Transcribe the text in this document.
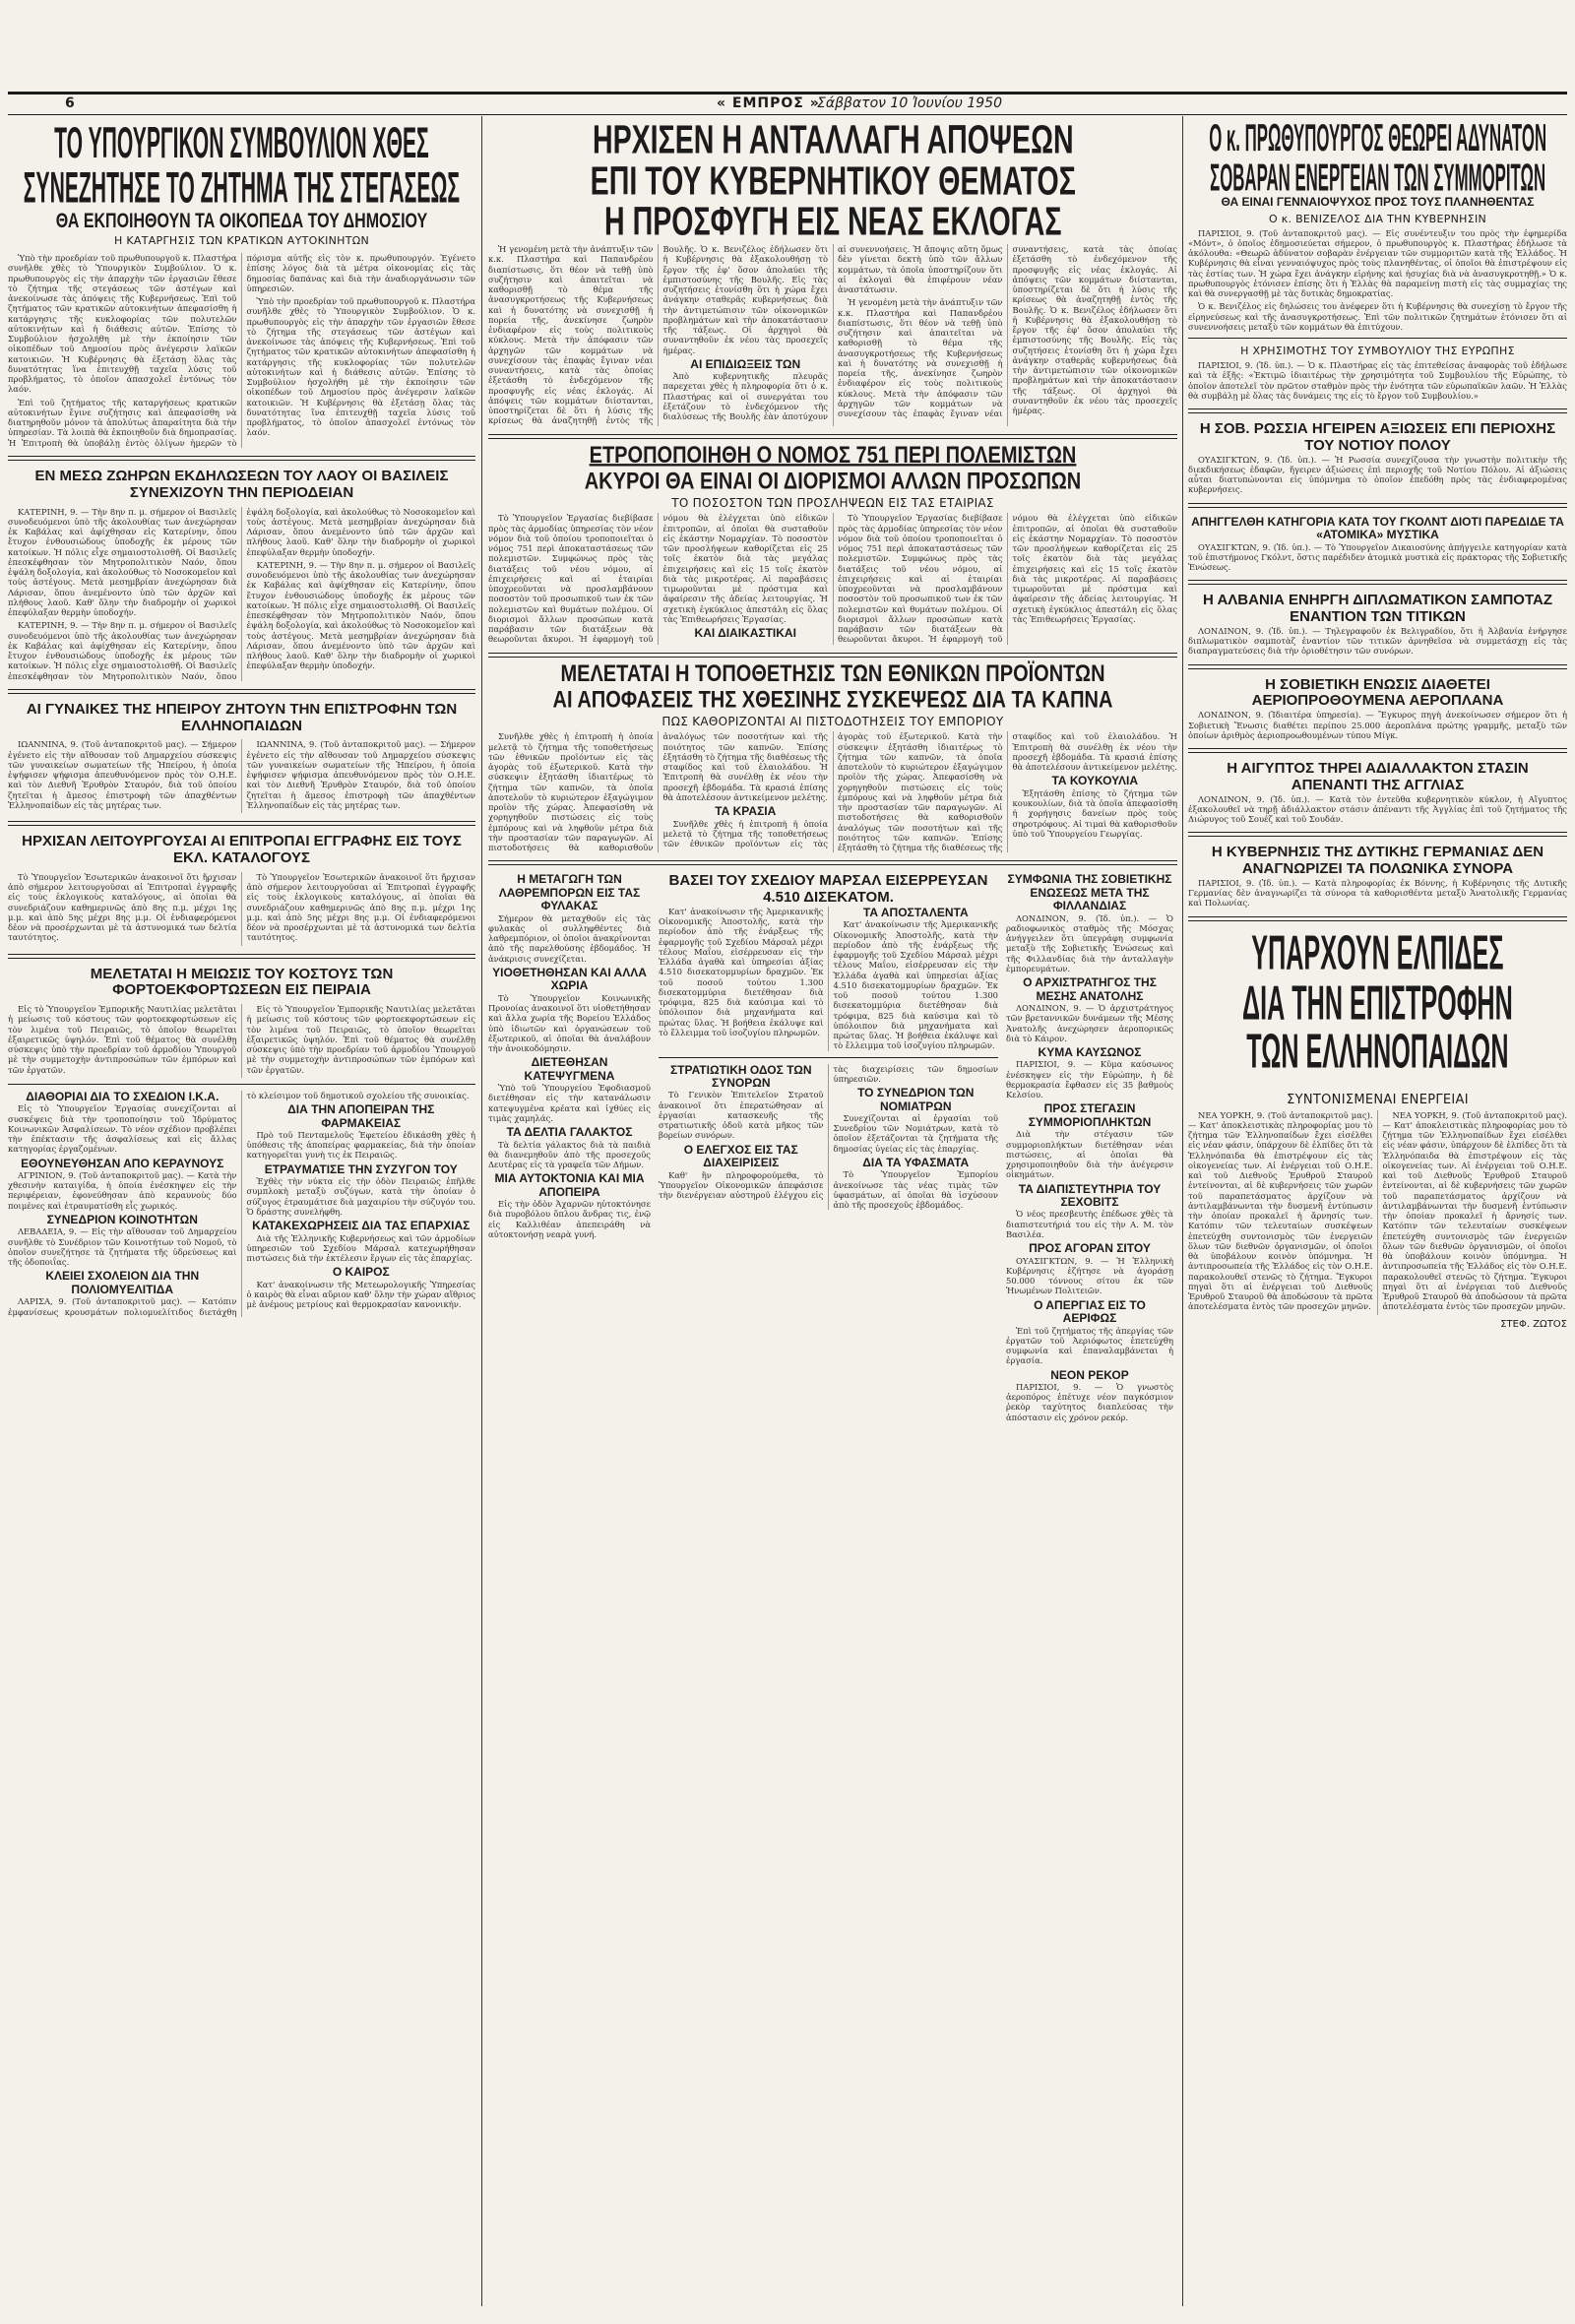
6	« ΕΜΠΡΟΣ »
Σάββατον 10 Ἰουνίου 1950
ΤΟ ΥΠΟΥΡΓΙΚΟΝ ΣΥΜΒΟΥΛΙΟΝ ΧΘΕΣ
ΣΥΝΕΖΗΤΗΣΕ ΤΟ ΖΗΤΗΜΑ ΤΗΣ ΣΤΕΓΑΣΕΩΣ
ΘΑ ΕΚΠΟΙΗΘΟΥΝ ΤΑ ΟΙΚΟΠΕΔΑ ΤΟΥ ΔΗΜΟΣΙΟΥ
Η ΚΑΤΑΡΓΗΣΙΣ ΤΩΝ ΚΡΑΤΙΚΩΝ ΑΥΤΟΚΙΝΗΤΩΝ

Ὑπὸ τὴν προεδρίαν τοῦ πρωθυπουργοῦ κ. Πλαστήρα συνῆλθε χθὲς τὸ Ὑπουργικὸν Συμβούλιον. Ὁ κ. πρωθυπουργὸς εἰς τὴν ἀπαρχὴν τῶν ἐργασιῶν ἔθεσε τὸ ζήτημα τῆς στεγάσεως τῶν ἀστέγων καὶ ἀνεκοίνωσε τὰς ἀπόψεις τῆς Κυβερνήσεως. Ἐπὶ τοῦ ζητήματος τῶν κρατικῶν αὐτοκινήτων ἀπεφασίσθη ἡ κατάργησις τῆς κυκλοφορίας τῶν πολυτελῶν αὐτοκινήτων καὶ ἡ διάθεσις αὐτῶν. Ἐπίσης τὸ Συμβούλιον ἠσχολήθη μὲ τὴν ἐκποίησιν τῶν οἰκοπέδων τοῦ Δημοσίου πρὸς ἀνέγερσιν λαϊκῶν κατοικιῶν. Ἡ Κυβέρνησις θὰ ἐξετάσῃ ὅλας τὰς δυνατότητας ἵνα ἐπιτευχθῇ ταχεῖα λύσις τοῦ προβλήματος, τὸ ὁποῖον ἀπασχολεῖ ἐντόνως τὸν λαόν.

Ἐπὶ τοῦ ζητήματος τῆς καταργήσεως κρατικῶν αὐτοκινήτων ἔγινε συζήτησις καὶ ἀπεφασίσθη νὰ διατηρηθοῦν μόνον τὰ ἀπολύτως ἀπαραίτητα διὰ τὴν ὑπηρεσίαν. Τὰ λοιπὰ θὰ ἐκποιηθοῦν διὰ δημοπρασίας. Ἡ Ἐπιτροπὴ θὰ ὑποβάλῃ ἐντὸς ὀλίγων ἡμερῶν τὸ πόρισμα αὐτῆς εἰς τὸν κ. πρωθυπουργόν. Ἐγένετο ἐπίσης λόγος διὰ τὰ μέτρα οἰκονομίας εἰς τὰς δημοσίας δαπάνας καὶ διὰ τὴν ἀναδιοργάνωσιν τῶν ὑπηρεσιῶν.

Ὑπὸ τὴν προεδρίαν τοῦ πρωθυπουργοῦ κ. Πλαστήρα συνῆλθε χθὲς τὸ Ὑπουργικὸν Συμβούλιον. Ὁ κ. πρωθυπουργὸς εἰς τὴν ἀπαρχὴν τῶν ἐργασιῶν ἔθεσε τὸ ζήτημα τῆς στεγάσεως τῶν ἀστέγων καὶ ἀνεκοίνωσε τὰς ἀπόψεις τῆς Κυβερνήσεως. Ἐπὶ τοῦ ζητήματος τῶν κρατικῶν αὐτοκινήτων ἀπεφασίσθη ἡ κατάργησις τῆς κυκλοφορίας τῶν πολυτελῶν αὐτοκινήτων καὶ ἡ διάθεσις αὐτῶν. Ἐπίσης τὸ Συμβούλιον ἠσχολήθη μὲ τὴν ἐκποίησιν τῶν οἰκοπέδων τοῦ Δημοσίου πρὸς ἀνέγερσιν λαϊκῶν κατοικιῶν. Ἡ Κυβέρνησις θὰ ἐξετάσῃ ὅλας τὰς δυνατότητας ἵνα ἐπιτευχθῇ ταχεῖα λύσις τοῦ προβλήματος, τὸ ὁποῖον ἀπασχολεῖ ἐντόνως τὸν λαόν.

ΕΝ ΜΕΣΩ ΖΩΗΡΩΝ ΕΚΔΗΛΩΣΕΩΝ ΤΟΥ ΛΑΟΥ ΟΙ ΒΑΣΙΛΕΙΣ ΣΥΝΕΧΙΖΟΥΝ ΤΗΝ ΠΕΡΙΟΔΕΙΑΝ

ΚΑΤΕΡΙΝΗ, 9. — Τὴν 8ην π. μ. σήμερον οἱ Βασιλεῖς συνοδευόμενοι ὑπὸ τῆς ἀκολουθίας των ἀνεχώρησαν ἐκ Καβάλας καὶ ἀφίχθησαν εἰς Κατερίνην, ὅπου ἔτυχον ἐνθουσιώδους ὑποδοχῆς ἐκ μέρους τῶν κατοίκων. Ἡ πόλις εἶχε σημαιοστολισθῆ. Οἱ Βασιλεῖς ἐπεσκέφθησαν τὸν Μητροπολιτικὸν Ναόν, ὅπου ἐψάλη δοξολογία, καὶ ἀκολούθως τὸ Νοσοκομεῖον καὶ τοὺς ἀστέγους. Μετὰ μεσημβρίαν ἀνεχώρησαν διὰ Λάρισαν, ὅπου ἀνεμένοντο ὑπὸ τῶν ἀρχῶν καὶ πλήθους λαοῦ. Καθ' ὅλην τὴν διαδρομὴν οἱ χωρικοὶ ἐπεφύλαξαν θερμὴν ὑποδοχήν.

ΚΑΤΕΡΙΝΗ, 9. — Τὴν 8ην π. μ. σήμερον οἱ Βασιλεῖς συνοδευόμενοι ὑπὸ τῆς ἀκολουθίας των ἀνεχώρησαν ἐκ Καβάλας καὶ ἀφίχθησαν εἰς Κατερίνην, ὅπου ἔτυχον ἐνθουσιώδους ὑποδοχῆς ἐκ μέρους τῶν κατοίκων. Ἡ πόλις εἶχε σημαιοστολισθῆ. Οἱ Βασιλεῖς ἐπεσκέφθησαν τὸν Μητροπολιτικὸν Ναόν, ὅπου ἐψάλη δοξολογία, καὶ ἀκολούθως τὸ Νοσοκομεῖον καὶ τοὺς ἀστέγους. Μετὰ μεσημβρίαν ἀνεχώρησαν διὰ Λάρισαν, ὅπου ἀνεμένοντο ὑπὸ τῶν ἀρχῶν καὶ πλήθους λαοῦ. Καθ' ὅλην τὴν διαδρομὴν οἱ χωρικοὶ ἐπεφύλαξαν θερμὴν ὑποδοχήν.

ΚΑΤΕΡΙΝΗ, 9. — Τὴν 8ην π. μ. σήμερον οἱ Βασιλεῖς συνοδευόμενοι ὑπὸ τῆς ἀκολουθίας των ἀνεχώρησαν ἐκ Καβάλας καὶ ἀφίχθησαν εἰς Κατερίνην, ὅπου ἔτυχον ἐνθουσιώδους ὑποδοχῆς ἐκ μέρους τῶν κατοίκων. Ἡ πόλις εἶχε σημαιοστολισθῆ. Οἱ Βασιλεῖς ἐπεσκέφθησαν τὸν Μητροπολιτικὸν Ναόν, ὅπου ἐψάλη δοξολογία, καὶ ἀκολούθως τὸ Νοσοκομεῖον καὶ τοὺς ἀστέγους. Μετὰ μεσημβρίαν ἀνεχώρησαν διὰ Λάρισαν, ὅπου ἀνεμένοντο ὑπὸ τῶν ἀρχῶν καὶ πλήθους λαοῦ. Καθ' ὅλην τὴν διαδρομὴν οἱ χωρικοὶ ἐπεφύλαξαν θερμὴν ὑποδοχήν.

ΑΙ ΓΥΝΑΙΚΕΣ ΤΗΣ ΗΠΕΙΡΟΥ ΖΗΤΟΥΝ ΤΗΝ ΕΠΙΣΤΡΟΦΗΝ ΤΩΝ ΕΛΛΗΝΟΠΑΙΔΩΝ

ΙΩΑΝΝΙΝΑ, 9. (Τοῦ ἀνταποκριτοῦ μας). — Σήμερον ἐγένετο εἰς τὴν αἴθουσαν τοῦ Δημαρχείου σύσκεψις τῶν γυναικείων σωματείων τῆς Ἠπείρου, ἡ ὁποία ἐψήφισεν ψήφισμα ἀπευθυνόμενον πρὸς τὸν Ο.Η.Ε. καὶ τὸν Διεθνῆ Ἐρυθρὸν Σταυρόν, διὰ τοῦ ὁποίου ζητεῖται ἡ ἄμεσος ἐπιστροφὴ τῶν ἀπαχθέντων Ἑλληνοπαίδων εἰς τὰς μητέρας των.

ΙΩΑΝΝΙΝΑ, 9. (Τοῦ ἀνταποκριτοῦ μας). — Σήμερον ἐγένετο εἰς τὴν αἴθουσαν τοῦ Δημαρχείου σύσκεψις τῶν γυναικείων σωματείων τῆς Ἠπείρου, ἡ ὁποία ἐψήφισεν ψήφισμα ἀπευθυνόμενον πρὸς τὸν Ο.Η.Ε. καὶ τὸν Διεθνῆ Ἐρυθρὸν Σταυρόν, διὰ τοῦ ὁποίου ζητεῖται ἡ ἄμεσος ἐπιστροφὴ τῶν ἀπαχθέντων Ἑλληνοπαίδων εἰς τὰς μητέρας των.

ΗΡΧΙΣΑΝ ΛΕΙΤΟΥΡΓΟΥΣΑΙ ΑΙ ΕΠΙΤΡΟΠΑΙ ΕΓΓΡΑΦΗΣ ΕΙΣ ΤΟΥΣ ΕΚΛ. ΚΑΤΑΛΟΓΟΥΣ

Τὸ Ὑπουργεῖον Ἐσωτερικῶν ἀνακοινοῖ ὅτι ἤρχισαν ἀπὸ σήμερον λειτουργοῦσαι αἱ Ἐπιτροπαὶ ἐγγραφῆς εἰς τοὺς ἐκλογικοὺς καταλόγους, αἱ ὁποῖαι θὰ συνεδριάζουν καθημερινῶς ἀπὸ 8ης π.μ. μέχρι 1ης μ.μ. καὶ ἀπὸ 5ης μέχρι 8ης μ.μ. Οἱ ἐνδιαφερόμενοι δέον νὰ προσέρχωνται μὲ τὰ ἀστυνομικά των δελτία ταυτότητος.

Τὸ Ὑπουργεῖον Ἐσωτερικῶν ἀνακοινοῖ ὅτι ἤρχισαν ἀπὸ σήμερον λειτουργοῦσαι αἱ Ἐπιτροπαὶ ἐγγραφῆς εἰς τοὺς ἐκλογικοὺς καταλόγους, αἱ ὁποῖαι θὰ συνεδριάζουν καθημερινῶς ἀπὸ 8ης π.μ. μέχρι 1ης μ.μ. καὶ ἀπὸ 5ης μέχρι 8ης μ.μ. Οἱ ἐνδιαφερόμενοι δέον νὰ προσέρχωνται μὲ τὰ ἀστυνομικά των δελτία ταυτότητος.

ΜΕΛΕΤΑΤΑΙ Η ΜΕΙΩΣΙΣ ΤΟΥ ΚΟΣΤΟΥΣ ΤΩΝ ΦΟΡΤΟΕΚΦΟΡΤΩΣΕΩΝ ΕΙΣ ΠΕΙΡΑΙΑ

Εἰς τὸ Ὑπουργεῖον Ἐμπορικῆς Ναυτιλίας μελετᾶται ἡ μείωσις τοῦ κόστους τῶν φορτοεκφορτώσεων εἰς τὸν λιμένα τοῦ Πειραιῶς, τὸ ὁποῖον θεωρεῖται ἐξαιρετικῶς ὑψηλόν. Ἐπὶ τοῦ θέματος θὰ συνέλθῃ σύσκεψις ὑπὸ τὴν προεδρίαν τοῦ ἁρμοδίου Ὑπουργοῦ μὲ τὴν συμμετοχὴν ἀντιπροσώπων τῶν ἐμπόρων καὶ τῶν ἐργατῶν.

Εἰς τὸ Ὑπουργεῖον Ἐμπορικῆς Ναυτιλίας μελετᾶται ἡ μείωσις τοῦ κόστους τῶν φορτοεκφορτώσεων εἰς τὸν λιμένα τοῦ Πειραιῶς, τὸ ὁποῖον θεωρεῖται ἐξαιρετικῶς ὑψηλόν. Ἐπὶ τοῦ θέματος θὰ συνέλθῃ σύσκεψις ὑπὸ τὴν προεδρίαν τοῦ ἁρμοδίου Ὑπουργοῦ μὲ τὴν συμμετοχὴν ἀντιπροσώπων τῶν ἐμπόρων καὶ τῶν ἐργατῶν.

ΔΙΑΘΟΡΙΑΙ ΔΙΑ ΤΟ ΣΧΕΔΙΟΝ Ι.Κ.Α.

Εἰς τὸ Ὑπουργεῖον Ἐργασίας συνεχίζονται αἱ συσκέψεις διὰ τὴν τροποποίησιν τοῦ Ἱδρύματος Κοινωνικῶν Ἀσφαλίσεων. Τὸ νέον σχέδιον προβλέπει τὴν ἐπέκτασιν τῆς ἀσφαλίσεως καὶ εἰς ἄλλας κατηγορίας ἐργαζομένων.

ΕΘΟΥΝΕΥΘΗΣΑΝ ΑΠΟ ΚΕΡΑΥΝΟΥΣ

ΑΓΡΙΝΙΟΝ, 9. (Τοῦ ἀνταποκριτοῦ μας). — Κατὰ τὴν χθεσινὴν καταιγίδα, ἡ ὁποία ἐνέσκηψεν εἰς τὴν περιφέρειαν, ἐφονεύθησαν ἀπὸ κεραυνοὺς δύο ποιμένες καὶ ἐτραυματίσθη εἷς χωρικός.

ΣΥΝΕΔΡΙΟΝ ΚΟΙΝΟΤΗΤΩΝ

ΛΕΒΑΔΕΙΑ, 9. — Εἰς τὴν αἴθουσαν τοῦ Δημαρχείου συνῆλθε τὸ Συνέδριον τῶν Κοινοτήτων τοῦ Νομοῦ, τὸ ὁποῖον συνεζήτησε τὰ ζητήματα τῆς ὑδρεύσεως καὶ τῆς ὁδοποιΐας.

ΚΛΕΙΕΙ ΣΧΟΛΕΙΟΝ ΔΙΑ ΤΗΝ ΠΟΛΙΟΜΥΕΛΙΤΙΔΑ

ΛΑΡΙΣΑ, 9. (Τοῦ ἀνταποκριτοῦ μας). — Κατόπιν ἐμφανίσεως κρουσμάτων πολιομυελίτιδος διετάχθη τὸ κλείσιμον τοῦ δημοτικοῦ σχολείου τῆς συνοικίας.

ΔΙΑ ΤΗΝ ΑΠΟΠΕΙΡΑΝ ΤΗΣ ΦΑΡΜΑΚΕΙΑΣ

Πρὸ τοῦ Πενταμελοῦς Ἐφετείου ἐδικάσθη χθὲς ἡ ὑπόθεσις τῆς ἀποπείρας φαρμακείας, διὰ τὴν ὁποίαν κατηγορεῖται γυνὴ τις ἐκ Πειραιῶς.

ΕΤΡΑΥΜΑΤΙΣΕ ΤΗΝ ΣΥΖΥΓΟΝ ΤΟΥ

Ἐχθὲς τὴν νύκτα εἰς τὴν ὁδὸν Πειραιῶς ἐπῆλθε συμπλοκὴ μεταξὺ συζύγων, κατὰ τὴν ὁποίαν ὁ σύζυγος ἐτραυμάτισε διὰ μαχαιρίου τὴν σύζυγόν του. Ὁ δράστης συνελήφθη.

ΚΑΤΑΚΕΧΩΡΗΣΕΙΣ ΔΙΑ ΤΑΣ ΕΠΑΡΧΙΑΣ

Διὰ τῆς Ἑλληνικῆς Κυβερνήσεως καὶ τῶν ἁρμοδίων ὑπηρεσιῶν τοῦ Σχεδίου Μάρσαλ κατεχωρήθησαν πιστώσεις διὰ τὴν ἐκτέλεσιν ἔργων εἰς τὰς ἐπαρχίας.

Ο ΚΑΙΡΟΣ

Κατ' ἀνακοίνωσιν τῆς Μετεωρολογικῆς Ὑπηρεσίας ὁ καιρὸς θὰ εἶναι αὔριον καθ' ὅλην τὴν χώραν αἴθριος μὲ ἀνέμους μετρίους καὶ θερμοκρασίαν κανονικήν.

ΗΡΧΙΣΕΝ Η ΑΝΤΑΛΛΑΓΗ ΑΠΟΨΕΩΝ
ΕΠΙ ΤΟΥ ΚΥΒΕΡΝΗΤΙΚΟΥ ΘΕΜΑΤΟΣ
Η ΠΡΟΣΦΥΓΗ ΕΙΣ ΝΕΑΣ ΕΚΛΟΓΑΣ

Ἡ γενομένη μετὰ τὴν ἀνάπτυξιν τῶν κ.κ. Πλαστήρα καὶ Παπανδρέου διαπίστωσις, ὅτι θέον νὰ τεθῇ ὑπὸ συζήτησιν καὶ ἀπαιτεῖται νὰ καθορισθῇ τὸ θέμα τῆς ἀνασυγκροτήσεως τῆς Κυβερνήσεως καὶ ἡ δυνατότης νὰ συνεχισθῇ ἡ πορεία τῆς, ἀνεκίνησε ζωηρὸν ἐνδιαφέρον εἰς τοὺς πολιτικοὺς κύκλους. Μετὰ τὴν ἀπόφασιν τῶν ἀρχηγῶν τῶν κομμάτων νὰ συνεχίσουν τὰς ἐπαφὰς ἔγιναν νέαι συναντήσεις, κατὰ τὰς ὁποίας ἐξετάσθη τὸ ἐνδεχόμενον τῆς προσφυγῆς εἰς νέας ἐκλογάς. Αἱ ἀπόψεις τῶν κομμάτων διίστανται, ὑποστηρίζεται δὲ ὅτι ἡ λύσις τῆς κρίσεως θὰ ἀναζητηθῇ ἐντὸς τῆς Βουλῆς. Ὁ κ. Βενιζέλος ἐδήλωσεν ὅτι ἡ Κυβέρνησις θὰ ἐξακολουθήσῃ τὸ ἔργον τῆς ἐφ' ὅσον ἀπολαύει τῆς ἐμπιστοσύνης τῆς Βουλῆς. Εἰς τὰς συζητήσεις ἐτονίσθη ὅτι ἡ χώρα ἔχει ἀνάγκην σταθερᾶς κυβερνήσεως διὰ τὴν ἀντιμετώπισιν τῶν οἰκονομικῶν προβλημάτων καὶ τὴν ἀποκατάστασιν τῆς τάξεως. Οἱ ἀρχηγοὶ θὰ συναντηθοῦν ἐκ νέου τὰς προσεχεῖς ἡμέρας.

ΑΙ ΕΠΙΔΙΩΞΕΙΣ ΤΩΝ

Ἀπὸ κυβερνητικῆς πλευρᾶς παρεχεται χθὲς ἡ πληροφορία ὅτι ὁ κ. Πλαστήρας καὶ οἱ συνεργάται του ἐξετάζουν τὸ ἐνδεχόμενον τῆς διαλύσεως τῆς Βουλῆς ἐὰν ἀποτύχουν αἱ συνεννοήσεις. Ἡ ἄποψις αὕτη ὅμως δὲν γίνεται δεκτὴ ὑπὸ τῶν ἄλλων κομμάτων, τὰ ὁποῖα ὑποστηρίζουν ὅτι αἱ ἐκλογαὶ θὰ ἐπιφέρουν νέαν ἀναστάτωσιν.

Ἡ γενομένη μετὰ τὴν ἀνάπτυξιν τῶν κ.κ. Πλαστήρα καὶ Παπανδρέου διαπίστωσις, ὅτι θέον νὰ τεθῇ ὑπὸ συζήτησιν καὶ ἀπαιτεῖται νὰ καθορισθῇ τὸ θέμα τῆς ἀνασυγκροτήσεως τῆς Κυβερνήσεως καὶ ἡ δυνατότης νὰ συνεχισθῇ ἡ πορεία τῆς, ἀνεκίνησε ζωηρὸν ἐνδιαφέρον εἰς τοὺς πολιτικοὺς κύκλους. Μετὰ τὴν ἀπόφασιν τῶν ἀρχηγῶν τῶν κομμάτων νὰ συνεχίσουν τὰς ἐπαφὰς ἔγιναν νέαι συναντήσεις, κατὰ τὰς ὁποίας ἐξετάσθη τὸ ἐνδεχόμενον τῆς προσφυγῆς εἰς νέας ἐκλογάς. Αἱ ἀπόψεις τῶν κομμάτων διίστανται, ὑποστηρίζεται δὲ ὅτι ἡ λύσις τῆς κρίσεως θὰ ἀναζητηθῇ ἐντὸς τῆς Βουλῆς. Ὁ κ. Βενιζέλος ἐδήλωσεν ὅτι ἡ Κυβέρνησις θὰ ἐξακολουθήσῃ τὸ ἔργον τῆς ἐφ' ὅσον ἀπολαύει τῆς ἐμπιστοσύνης τῆς Βουλῆς. Εἰς τὰς συζητήσεις ἐτονίσθη ὅτι ἡ χώρα ἔχει ἀνάγκην σταθερᾶς κυβερνήσεως διὰ τὴν ἀντιμετώπισιν τῶν οἰκονομικῶν προβλημάτων καὶ τὴν ἀποκατάστασιν τῆς τάξεως. Οἱ ἀρχηγοὶ θὰ συναντηθοῦν ἐκ νέου τὰς προσεχεῖς ἡμέρας.

ΕΤΡΟΠΟΠΟΙΗΘΗ Ο ΝΟΜΟΣ 751 ΠΕΡΙ ΠΟΛΕΜΙΣΤΩΝ
ΑΚΥΡΟΙ ΘΑ ΕΙΝΑΙ ΟΙ ΔΙΟΡΙΣΜΟΙ ΑΛΛΩΝ ΠΡΟΣΩΠΩΝ
ΤΟ ΠΟΣΟΣΤΟΝ ΤΩΝ ΠΡΟΣΛΗΨΕΩΝ ΕΙΣ ΤΑΣ ΕΤΑΙΡΙΑΣ

Τὸ Ὑπουργεῖον Ἐργασίας διεβίβασε πρὸς τὰς ἁρμοδίας ὑπηρεσίας τὸν νέον νόμον διὰ τοῦ ὁποίου τροποποιεῖται ὁ νόμος 751 περὶ ἀποκαταστάσεως τῶν πολεμιστῶν. Συμφώνως πρὸς τὰς διατάξεις τοῦ νέου νόμου, αἱ ἐπιχειρήσεις καὶ αἱ ἑταιρίαι ὑποχρεοῦνται νὰ προσλαμβάνουν ποσοστὸν τοῦ προσωπικοῦ των ἐκ τῶν πολεμιστῶν καὶ θυμάτων πολέμου. Οἱ διορισμοὶ ἄλλων προσώπων κατὰ παράβασιν τῶν διατάξεων θὰ θεωροῦνται ἄκυροι. Ἡ ἐφαρμογὴ τοῦ νόμου θὰ ἐλέγχεται ὑπὸ εἰδικῶν ἐπιτροπῶν, αἱ ὁποῖαι θὰ συσταθοῦν εἰς ἑκάστην Νομαρχίαν. Τὸ ποσοστὸν τῶν προσλήψεων καθορίζεται εἰς 25 τοῖς ἑκατὸν διὰ τὰς μεγάλας ἐπιχειρήσεις καὶ εἰς 15 τοῖς ἑκατὸν διὰ τὰς μικροτέρας. Αἱ παραβάσεις τιμωροῦνται μὲ πρόστιμα καὶ ἀφαίρεσιν τῆς ἀδείας λειτουργίας. Ἡ σχετικὴ ἐγκύκλιος ἀπεστάλη εἰς ὅλας τὰς Ἐπιθεωρήσεις Ἐργασίας.

ΚΑΙ ΔΙΑΙΚΑΣΤΙΚΑΙ

Τὸ Ὑπουργεῖον Ἐργασίας διεβίβασε πρὸς τὰς ἁρμοδίας ὑπηρεσίας τὸν νέον νόμον διὰ τοῦ ὁποίου τροποποιεῖται ὁ νόμος 751 περὶ ἀποκαταστάσεως τῶν πολεμιστῶν. Συμφώνως πρὸς τὰς διατάξεις τοῦ νέου νόμου, αἱ ἐπιχειρήσεις καὶ αἱ ἑταιρίαι ὑποχρεοῦνται νὰ προσλαμβάνουν ποσοστὸν τοῦ προσωπικοῦ των ἐκ τῶν πολεμιστῶν καὶ θυμάτων πολέμου. Οἱ διορισμοὶ ἄλλων προσώπων κατὰ παράβασιν τῶν διατάξεων θὰ θεωροῦνται ἄκυροι. Ἡ ἐφαρμογὴ τοῦ νόμου θὰ ἐλέγχεται ὑπὸ εἰδικῶν ἐπιτροπῶν, αἱ ὁποῖαι θὰ συσταθοῦν εἰς ἑκάστην Νομαρχίαν. Τὸ ποσοστὸν τῶν προσλήψεων καθορίζεται εἰς 25 τοῖς ἑκατὸν διὰ τὰς μεγάλας ἐπιχειρήσεις καὶ εἰς 15 τοῖς ἑκατὸν διὰ τὰς μικροτέρας. Αἱ παραβάσεις τιμωροῦνται μὲ πρόστιμα καὶ ἀφαίρεσιν τῆς ἀδείας λειτουργίας. Ἡ σχετικὴ ἐγκύκλιος ἀπεστάλη εἰς ὅλας τὰς Ἐπιθεωρήσεις Ἐργασίας.

ΜΕΛΕΤΑΤΑΙ Η ΤΟΠΟΘΕΤΗΣΙΣ ΤΩΝ ΕΘΝΙΚΩΝ ΠΡΟΪΟΝΤΩΝ
ΑΙ ΑΠΟΦΑΣΕΙΣ ΤΗΣ ΧΘΕΣΙΝΗΣ ΣΥΣΚΕΨΕΩΣ ΔΙΑ ΤΑ ΚΑΠΝΑ
ΠΩΣ ΚΑΘΟΡΙΖΟΝΤΑΙ ΑΙ ΠΙΣΤΟΔΟΤΗΣΕΙΣ ΤΟΥ ΕΜΠΟΡΙΟΥ

Συνῆλθε χθὲς ἡ ἐπιτροπὴ ἡ ὁποία μελετᾷ τὸ ζήτημα τῆς τοποθετήσεως τῶν ἐθνικῶν προϊόντων εἰς τὰς ἀγορὰς τοῦ ἐξωτερικοῦ. Κατὰ τὴν σύσκεψιν ἐξητάσθη ἰδιαιτέρως τὸ ζήτημα τῶν καπνῶν, τὰ ὁποῖα ἀποτελοῦν τὸ κυριώτερον ἐξαγώγιμον προϊὸν τῆς χώρας. Ἀπεφασίσθη νὰ χορηγηθοῦν πιστώσεις εἰς τοὺς ἐμπόρους καὶ νὰ ληφθοῦν μέτρα διὰ τὴν προστασίαν τῶν παραγωγῶν. Αἱ πιστοδοτήσεις θὰ καθορισθοῦν ἀναλόγως τῶν ποσοτήτων καὶ τῆς ποιότητος τῶν καπνῶν. Ἐπίσης ἐξητάσθη τὸ ζήτημα τῆς διαθέσεως τῆς σταφίδος καὶ τοῦ ἐλαιολάδου. Ἡ Ἐπιτροπὴ θὰ συνέλθῃ ἐκ νέου τὴν προσεχῆ ἑβδομάδα. Τὰ κρασιά ἐπίσης θὰ ἀποτελέσουν ἀντικείμενον μελέτης.

ΤΑ ΚΡΑΣΙΑ

Συνῆλθε χθὲς ἡ ἐπιτροπὴ ἡ ὁποία μελετᾷ τὸ ζήτημα τῆς τοποθετήσεως τῶν ἐθνικῶν προϊόντων εἰς τὰς ἀγορὰς τοῦ ἐξωτερικοῦ. Κατὰ τὴν σύσκεψιν ἐξητάσθη ἰδιαιτέρως τὸ ζήτημα τῶν καπνῶν, τὰ ὁποῖα ἀποτελοῦν τὸ κυριώτερον ἐξαγώγιμον προϊὸν τῆς χώρας. Ἀπεφασίσθη νὰ χορηγηθοῦν πιστώσεις εἰς τοὺς ἐμπόρους καὶ νὰ ληφθοῦν μέτρα διὰ τὴν προστασίαν τῶν παραγωγῶν. Αἱ πιστοδοτήσεις θὰ καθορισθοῦν ἀναλόγως τῶν ποσοτήτων καὶ τῆς ποιότητος τῶν καπνῶν. Ἐπίσης ἐξητάσθη τὸ ζήτημα τῆς διαθέσεως τῆς σταφίδος καὶ τοῦ ἐλαιολάδου. Ἡ Ἐπιτροπὴ θὰ συνέλθῃ ἐκ νέου τὴν προσεχῆ ἑβδομάδα. Τὰ κρασιά ἐπίσης θὰ ἀποτελέσουν ἀντικείμενον μελέτης.

ΤΑ ΚΟΥΚΟΥΛΙΑ

Ἐξητάσθη ἐπίσης τὸ ζήτημα τῶν κουκουλίων, διὰ τὰ ὁποῖα ἀπεφασίσθη ἡ χορήγησις δανείων πρὸς τοὺς σηροτρόφους. Αἱ τιμαὶ θὰ καθορισθοῦν ὑπὸ τοῦ Ὑπουργείου Γεωργίας.

Η ΜΕΤΑΓΩΓΗ ΤΩΝ ΛΑΘΡΕΜΠΟΡΩΝ ΕΙΣ ΤΑΣ ΦΥΛΑΚΑΣ

Σήμερον θὰ μεταχθοῦν εἰς τὰς φυλακὰς οἱ συλληφθέντες διὰ λαθρεμπόριον, οἱ ὁποῖοι ἀνακρίνονται ἀπὸ τῆς παρελθούσης ἑβδομάδος. Ἡ ἀνάκρισις συνεχίζεται.

ΥΙΟΘΕΤΗΘΗΣΑΝ ΚΑΙ ΑΛΛΑ ΧΩΡΙΑ

Τὸ Ὑπουργεῖον Κοινωνικῆς Προνοίας ἀνακοινοῖ ὅτι υἱοθετήθησαν καὶ ἄλλα χωρία τῆς Βορείου Ἑλλάδος ὑπὸ ἰδιωτῶν καὶ ὀργανώσεων τοῦ ἐξωτερικοῦ, αἱ ὁποῖαι θὰ ἀναλάβουν τὴν ἀνοικοδόμησιν.

ΔΙΕΤΕΘΗΣΑΝ ΚΑΤΕΨΥΓΜΕΝΑ

Ὑπὸ τοῦ Ὑπουργείου Ἐφοδιασμοῦ διετέθησαν εἰς τὴν κατανάλωσιν κατεψυγμένα κρέατα καὶ ἰχθύες εἰς τιμὰς χαμηλάς.

ΤΑ ΔΕΛΤΙΑ ΓΑΛΑΚΤΟΣ

Τὰ δελτία γάλακτος διὰ τὰ παιδιὰ θὰ διανεμηθοῦν ἀπὸ τῆς προσεχοῦς Δευτέρας εἰς τὰ γραφεῖα τῶν Δήμων.

ΜΙΑ ΑΥΤΟΚΤΟΝΙΑ ΚΑΙ ΜΙΑ ΑΠΟΠΕΙΡΑ

Εἰς τὴν ὁδὸν Ἀχαρνῶν ηὐτοκτόνησε διὰ πυροβόλου ὅπλου ἄνδρας τις, ἐνῷ εἰς Καλλιθέαν ἀπεπειράθη νὰ αὐτοκτονήσῃ νεαρὰ γυνή.

ΒΑΣΕΙ ΤΟΥ ΣΧΕΔΙΟΥ ΜΑΡΣΑΛ ΕΙΣΕΡΡΕΥΣΑΝ 4.510 ΔΙΣΕΚΑΤΟΜ.

Κατ' ἀνακοίνωσιν τῆς Ἀμερικανικῆς Οἰκονομικῆς Ἀποστολῆς, κατὰ τὴν περίοδον ἀπὸ τῆς ἐνάρξεως τῆς ἐφαρμογῆς τοῦ Σχεδίου Μάρσαλ μέχρι τέλους Μαΐου, εἰσέρρευσαν εἰς τὴν Ἑλλάδα ἀγαθὰ καὶ ὑπηρεσίαι ἀξίας 4.510 δισεκατομμυρίων δραχμῶν. Ἐκ τοῦ ποσοῦ τούτου 1.300 δισεκατομμύρια διετέθησαν διὰ τρόφιμα, 825 διὰ καύσιμα καὶ τὸ ὑπόλοιπον διὰ μηχανήματα καὶ πρώτας ὕλας. Ἡ βοήθεια ἐκάλυψε καὶ τὸ ἔλλειμμα τοῦ ἰσοζυγίου πληρωμῶν.

ΤΑ ΑΠΟΣΤΑΛΕΝΤΑ

Κατ' ἀνακοίνωσιν τῆς Ἀμερικανικῆς Οἰκονομικῆς Ἀποστολῆς, κατὰ τὴν περίοδον ἀπὸ τῆς ἐνάρξεως τῆς ἐφαρμογῆς τοῦ Σχεδίου Μάρσαλ μέχρι τέλους Μαΐου, εἰσέρρευσαν εἰς τὴν Ἑλλάδα ἀγαθὰ καὶ ὑπηρεσίαι ἀξίας 4.510 δισεκατομμυρίων δραχμῶν. Ἐκ τοῦ ποσοῦ τούτου 1.300 δισεκατομμύρια διετέθησαν διὰ τρόφιμα, 825 διὰ καύσιμα καὶ τὸ ὑπόλοιπον διὰ μηχανήματα καὶ πρώτας ὕλας. Ἡ βοήθεια ἐκάλυψε καὶ τὸ ἔλλειμμα τοῦ ἰσοζυγίου πληρωμῶν.

ΣΤΡΑΤΙΩΤΙΚΗ ΟΔΟΣ ΤΩΝ ΣΥΝΟΡΩΝ

Τὸ Γενικὸν Ἐπιτελεῖον Στρατοῦ ἀνακοινοῖ ὅτι ἐπερατώθησαν αἱ ἐργασίαι κατασκευῆς τῆς στρατιωτικῆς ὁδοῦ κατὰ μῆκος τῶν βορείων συνόρων.

Ο ΕΛΕΓΧΟΣ ΕΙΣ ΤΑΣ ΔΙΑΧΕΙΡΙΣΕΙΣ

Καθ' ἣν πληροφορούμεθα, τὸ Ὑπουργεῖον Οἰκονομικῶν ἀπεφάσισε τὴν διενέργειαν αὐστηροῦ ἐλέγχου εἰς τὰς διαχειρίσεις τῶν δημοσίων ὑπηρεσιῶν.

ΤΟ ΣΥΝΕΔΡΙΟΝ ΤΩΝ ΝΟΜΙΑΤΡΩΝ

Συνεχίζονται αἱ ἐργασίαι τοῦ Συνεδρίου τῶν Νομιάτρων, κατὰ τὸ ὁποῖον ἐξετάζονται τὰ ζητήματα τῆς δημοσίας ὑγείας εἰς τὰς ἐπαρχίας.

ΔΙΑ ΤΑ ΥΦΑΣΜΑΤΑ

Τὸ Ὑπουργεῖον Ἐμπορίου ἀνεκοίνωσε τὰς νέας τιμὰς τῶν ὑφασμάτων, αἱ ὁποῖαι θὰ ἰσχύσουν ἀπὸ τῆς προσεχοῦς ἑβδομάδος.

ΣΥΜΦΩΝΙΑ ΤΗΣ ΣΟΒΙΕΤΙΚΗΣ ΕΝΩΣΕΩΣ ΜΕΤΑ ΤΗΣ ΦΙΛΛΑΝΔΙΑΣ

ΛΟΝΔΙΝΟΝ, 9. (Ἰδ. ὑπ.). — Ὁ ραδιοφωνικὸς σταθμὸς τῆς Μόσχας ἀνήγγειλεν ὅτι ὑπεγράφη συμφωνία μεταξὺ τῆς Σοβιετικῆς Ἑνώσεως καὶ τῆς Φιλλανδίας διὰ τὴν ἀνταλλαγὴν ἐμπορευμάτων.

Ο ΑΡΧΙΣΤΡΑΤΗΓΟΣ ΤΗΣ ΜΕΣΗΣ ΑΝΑΤΟΛΗΣ

ΛΟΝΔΙΝΟΝ, 9. — Ὁ ἀρχιστράτηγος τῶν βρεταννικῶν δυνάμεων τῆς Μέσης Ἀνατολῆς ἀνεχώρησεν ἀεροπορικῶς διὰ τὸ Κάιρον.

ΚΥΜΑ ΚΑΥΣΩΝΟΣ

ΠΑΡΙΣΙΟΙ, 9. — Κῦμα καύσωνος ἐνέσκηψεν εἰς τὴν Εὐρώπην, ἡ δὲ θερμοκρασία ἔφθασεν εἰς 35 βαθμοὺς Κελσίου.

ΠΡΟΣ ΣΤΕΓΑΣΙΝ ΣΥΜΜΟΡΙΟΠΛΗΚΤΩΝ

Διὰ τὴν στέγασιν τῶν συμμοριοπλήκτων διετέθησαν νέαι πιστώσεις, αἱ ὁποῖαι θὰ χρησιμοποιηθοῦν διὰ τὴν ἀνέγερσιν οἰκημάτων.

ΤΑ ΔΙΑΠΙΣΤΕΥΤΗΡΙΑ ΤΟΥ ΣΕΧΟΒΙΤΣ

Ὁ νέος πρεσβευτὴς ἐπέδωσε χθὲς τὰ διαπιστευτήριά του εἰς τὴν Α. Μ. τὸν Βασιλέα.

ΠΡΟΣ ΑΓΟΡΑΝ ΣΙΤΟΥ

ΟΥΑΣΙΓΚΤΩΝ, 9. — Ἡ Ἑλληνικὴ Κυβέρνησις ἐζήτησε νὰ ἀγοράσῃ 50.000 τόννους σίτου ἐκ τῶν Ἡνωμένων Πολιτειῶν.

Ο ΑΠΕΡΓΙΑΣ ΕΙΣ ΤΟ ΑΕΡΙΦΩΣ

Ἐπὶ τοῦ ζητήματος τῆς ἀπεργίας τῶν ἐργατῶν τοῦ Ἀεριόφωτος ἐπετεύχθη συμφωνία καὶ ἐπαναλαμβάνεται ἡ ἐργασία.

ΝΕΟΝ ΡΕΚΟΡ

ΠΑΡΙΣΙΟΙ, 9. — Ὁ γνωστὸς ἀεροπόρος ἐπέτυχε νέον παγκόσμιον ῥεκὸρ ταχύτητος διαπλεύσας τὴν ἀπόστασιν εἰς χρόνον ρεκόρ.

Ο κ. ΠΡΩΘΥΠΟΥΡΓΟΣ ΘΕΩΡΕΙ ΑΔΥΝΑΤΟΝ
ΣΟΒΑΡΑΝ ΕΝΕΡΓΕΙΑΝ ΤΩΝ ΣΥΜΜΟΡΙΤΩΝ
ΘΑ ΕΙΝΑΙ ΓΕΝΝΑΙΟΨΥΧΟΣ ΠΡΟΣ ΤΟΥΣ ΠΛΑΝΗΘΕΝΤΑΣ
Ο κ. ΒΕΝΙΖΕΛΟΣ ΔΙΑ ΤΗΝ ΚΥΒΕΡΝΗΣΙΝ

ΠΑΡΙΣΙΟΙ, 9. (Τοῦ ἀνταποκριτοῦ μας). — Εἰς συνέντευξιν του πρὸς τὴν ἐφημερίδα «Μόντ», ὁ ὁποῖος ἐδημοσιεύεται σήμερον, ὁ πρωθυπουργὸς κ. Πλαστήρας ἐδήλωσε τὰ ἀκόλουθα: «Θεωρῶ ἀδύνατον σοβαρὰν ἐνέργειαν τῶν συμμοριτῶν κατὰ τῆς Ἑλλάδος. Ἡ Κυβέρνησις θὰ εἶναι γενναιόψυχος πρὸς τοὺς πλανηθέντας, οἱ ὁποῖοι θὰ ἐπιστρέψουν εἰς τὰς ἑστίας των. Ἡ χώρα ἔχει ἀνάγκην εἰρήνης καὶ ἡσυχίας διὰ νὰ ἀνασυγκροτηθῇ.» Ὁ κ. πρωθυπουργὸς ἐτόνισεν ἐπίσης ὅτι ἡ Ἑλλὰς θὰ παραμείνῃ πιστὴ εἰς τὰς συμμαχίας της καὶ θὰ συνεργασθῇ μὲ τὰς δυτικὰς δημοκρατίας.

Ὁ κ. Βενιζέλος εἰς δηλώσεις του ἀνέφερεν ὅτι ἡ Κυβέρνησις θὰ συνεχίσῃ τὸ ἔργον τῆς εἰρηνεύσεως καὶ τῆς ἀνασυγκροτήσεως. Ἐπὶ τῶν πολιτικῶν ζητημάτων ἐτόνισεν ὅτι αἱ συνεννοήσεις μεταξὺ τῶν κομμάτων θὰ ἐπιτύχουν.

Η ΧΡΗΣΙΜΟΤΗΣ ΤΟΥ ΣΥΜΒΟΥΛΙΟΥ ΤΗΣ ΕΥΡΩΠΗΣ

ΠΑΡΙΣΙΟΙ, 9. (Ἰδ. ὑπ.). — Ὁ κ. Πλαστήρας εἰς τὰς ἐπιτεθείσας ἀναφορὰς τοῦ ἐδήλωσε καὶ τὰ ἑξῆς: «Ἐκτιμῶ ἰδιαιτέρως τὴν χρησιμότητα τοῦ Συμβουλίου τῆς Εὐρώπης, τὸ ὁποῖον ἀποτελεῖ τὸν πρῶτον σταθμὸν πρὸς τὴν ἑνότητα τῶν εὐρωπαϊκῶν λαῶν. Ἡ Ἑλλὰς θὰ συμβάλῃ μὲ ὅλας τὰς δυνάμεις της εἰς τὸ ἔργον τοῦ Συμβουλίου.»

Η ΣΟΒ. ΡΩΣΣΙΑ ΗΓΕΙΡΕΝ ΑΞΙΩΣΕΙΣ ΕΠΙ ΠΕΡΙΟΧΗΣ ΤΟΥ ΝΟΤΙΟΥ ΠΟΛΟΥ

ΟΥΑΣΙΓΚΤΩΝ, 9. (Ἰδ. ὑπ.). — Ἡ Ρωσσία συνεχίζουσα τὴν γνωστὴν πολιτικὴν τῆς διεκδικήσεως ἐδαφῶν, ἤγειρεν ἀξιώσεις ἐπὶ περιοχῆς τοῦ Νοτίου Πόλου. Αἱ ἀξιώσεις αὗται διατυπώνονται εἰς ὑπόμνημα τὸ ὁποῖον ἐπεδόθη πρὸς τὰς ἐνδιαφερομένας κυβερνήσεις.

ΑΠΗΓΓΕΛΘΗ ΚΑΤΗΓΟΡΙΑ ΚΑΤΑ ΤΟΥ ΓΚΟΛΝΤ ΔΙΟΤΙ ΠΑΡΕΔΙΔΕ ΤΑ «ΑΤΟΜΙΚΑ» ΜΥΣΤΙΚΑ

ΟΥΑΣΙΓΚΤΩΝ, 9. (Ἰδ. ὑπ.). — Τὸ Ὑπουργεῖον Δικαιοσύνης ἀπήγγειλε κατηγορίαν κατὰ τοῦ ἐπιστήμονος Γκόλντ, ὅστις παρέδιδεν ἀτομικὰ μυστικὰ εἰς πράκτορας τῆς Σοβιετικῆς Ἑνώσεως.

Η ΑΛΒΑΝΙΑ ΕΝΗΡΓΗ ΔΙΠΛΩΜΑΤΙΚΟΝ ΣΑΜΠΟΤΑΖ ΕΝΑΝΤΙΟΝ ΤΩΝ ΤΙΤΙΚΩΝ

ΛΟΝΔΙΝΟΝ, 9. (Ἰδ. ὑπ.). — Τηλεγραφοῦν ἐκ Βελιγραδίου, ὅτι ἡ Ἀλβανία ἐνήργησε διπλωματικὸν σαμποτὰζ ἐναντίον τῶν τιτικῶν ἀρνηθεῖσα νὰ συμμετάσχῃ εἰς τὰς διαπραγματεύσεις διὰ τὴν ὁριοθέτησιν τῶν συνόρων.

Η ΣΟΒΙΕΤΙΚΗ ΕΝΩΣΙΣ ΔΙΑΘΕΤΕΙ ΑΕΡΙΟΠΡΟΘΟΥΜΕΝΑ ΑΕΡΟΠΛΑΝΑ

ΛΟΝΔΙΝΟΝ, 9. (Ἰδιαιτέρα ὑπηρεσία). — Ἔγκυρος πηγὴ ἀνεκοίνωσεν σήμερον ὅτι ἡ Σοβιετικὴ Ἕνωσις διαθέτει περίπου 25.000 ἀεροπλάνα πρώτης γραμμῆς, μεταξὺ τῶν ὁποίων ἀριθμὸς ἀεριοπροωθουμένων τύπου Μίγκ.

Η ΑΙΓΥΠΤΟΣ ΤΗΡΕΙ ΑΔΙΑΛΛΑΚΤΟΝ ΣΤΑΣΙΝ ΑΠΕΝΑΝΤΙ ΤΗΣ ΑΓΓΛΙΑΣ

ΛΟΝΔΙΝΟΝ, 9. (Ἰδ. ὑπ.). — Κατὰ τὸν ἐντεῦθα κυβερνητικὸν κύκλον, ἡ Αἴγυπτος ἐξακολουθεῖ νὰ τηρῇ ἀδιάλλακτον στάσιν ἀπέναντι τῆς Ἀγγλίας ἐπὶ τοῦ ζητήματος τῆς Διώρυγος τοῦ Σουέζ καὶ τοῦ Σουδάν.

Η ΚΥΒΕΡΝΗΣΙΣ ΤΗΣ ΔΥΤΙΚΗΣ ΓΕΡΜΑΝΙΑΣ ΔΕΝ ΑΝΑΓΝΩΡΙΖΕΙ ΤΑ ΠΟΛΩΝΙΚΑ ΣΥΝΟΡΑ

ΠΑΡΙΣΙΟΙ, 9. (Ἰδ. ὑπ.). — Κατὰ πληροφορίας ἐκ Βόννης, ἡ Κυβέρνησις τῆς Δυτικῆς Γερμανίας δὲν ἀναγνωρίζει τὰ σύνορα τὰ καθορισθέντα μεταξὺ Ἀνατολικῆς Γερμανίας καὶ Πολωνίας.

ΥΠΑΡΧΟΥΝ ΕΛΠΙΔΕΣ
ΔΙΑ ΤΗΝ ΕΠΙΣΤΡΟΦΗΝ
ΤΩΝ ΕΛΛΗΝΟΠΑΙΔΩΝ
ΣΥΝΤΟΝΙΣΜΕΝΑΙ ΕΝΕΡΓΕΙΑΙ

ΝΕΑ ΥΟΡΚΗ, 9. (Τοῦ ἀνταποκριτοῦ μας). — Κατ' ἀποκλειστικὰς πληροφορίας μου τὸ ζήτημα τῶν Ἑλληνοπαίδων ἔχει εἰσέλθει εἰς νέαν φάσιν, ὑπάρχουν δὲ ἐλπίδες ὅτι τὰ Ἑλληνόπαιδα θὰ ἐπιστρέψουν εἰς τὰς οἰκογενείας των. Αἱ ἐνέργειαι τοῦ Ο.Η.Ε. καὶ τοῦ Διεθνοῦς Ἐρυθροῦ Σταυροῦ ἐντείνονται, αἱ δὲ κυβερνήσεις τῶν χωρῶν τοῦ παραπετάσματος ἀρχίζουν νὰ ἀντιλαμβάνωνται τὴν δυσμενῆ ἐντύπωσιν τὴν ὁποίαν προκαλεῖ ἡ ἄρνησίς των. Κατόπιν τῶν τελευταίων συσκέψεων ἐπετεύχθη συντονισμὸς τῶν ἐνεργειῶν ὅλων τῶν διεθνῶν ὀργανισμῶν, οἱ ὁποῖοι θὰ ὑποβάλουν κοινὸν ὑπόμνημα. Ἡ ἀντιπροσωπεία τῆς Ἑλλάδος εἰς τὸν Ο.Η.Ε. παρακολουθεῖ στενῶς τὸ ζήτημα. Ἔγκυροι πηγαὶ ὅτι αἱ ἐνέργειαι τοῦ Διεθνοῦς Ἐρυθροῦ Σταυροῦ θὰ ἀποδώσουν τὰ πρῶτα ἀποτελέσματα ἐντὸς τῶν προσεχῶν μηνῶν.

ΝΕΑ ΥΟΡΚΗ, 9. (Τοῦ ἀνταποκριτοῦ μας). — Κατ' ἀποκλειστικὰς πληροφορίας μου τὸ ζήτημα τῶν Ἑλληνοπαίδων ἔχει εἰσέλθει εἰς νέαν φάσιν, ὑπάρχουν δὲ ἐλπίδες ὅτι τὰ Ἑλληνόπαιδα θὰ ἐπιστρέψουν εἰς τὰς οἰκογενείας των. Αἱ ἐνέργειαι τοῦ Ο.Η.Ε. καὶ τοῦ Διεθνοῦς Ἐρυθροῦ Σταυροῦ ἐντείνονται, αἱ δὲ κυβερνήσεις τῶν χωρῶν τοῦ παραπετάσματος ἀρχίζουν νὰ ἀντιλαμβάνωνται τὴν δυσμενῆ ἐντύπωσιν τὴν ὁποίαν προκαλεῖ ἡ ἄρνησίς των. Κατόπιν τῶν τελευταίων συσκέψεων ἐπετεύχθη συντονισμὸς τῶν ἐνεργειῶν ὅλων τῶν διεθνῶν ὀργανισμῶν, οἱ ὁποῖοι θὰ ὑποβάλουν κοινὸν ὑπόμνημα. Ἡ ἀντιπροσωπεία τῆς Ἑλλάδος εἰς τὸν Ο.Η.Ε. παρακολουθεῖ στενῶς τὸ ζήτημα. Ἔγκυροι πηγαὶ ὅτι αἱ ἐνέργειαι τοῦ Διεθνοῦς Ἐρυθροῦ Σταυροῦ θὰ ἀποδώσουν τὰ πρῶτα ἀποτελέσματα ἐντὸς τῶν προσεχῶν μηνῶν.

ΣΤΕΦ. ΖΩΤΟΣ
